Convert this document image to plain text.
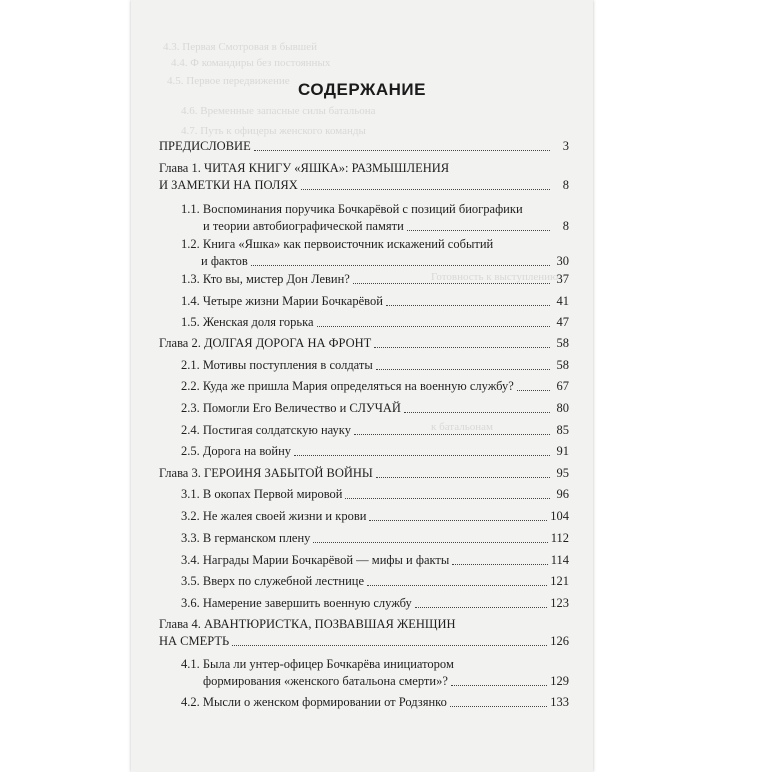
4.3. Первая Смотровая в бывшей
4.4. Ф командиры без постоянных
4.5. Первое передвижение
4.6. Временные запасные силы батальона
4.7. Путь к офицеры женского команды
Готовность к выступлению
к батальонам
СОДЕРЖАНИЕ
ПРЕДИСЛОВИЕ	3
Глава 1. ЧИТАЯ КНИГУ «ЯШКА»: РАЗМЫШЛЕНИЯ
И ЗАМЕТКИ НА ПОЛЯХ	8
1.1. Воспоминания поручика Бочкарёвой с позиций биографики
и теории автобиографической памяти	8
1.2. Книга «Яшка» как первоисточник искажений событий
и фактов	30
1.3. Кто вы, мистер Дон Левин?	37
1.4. Четыре жизни Марии Бочкарёвой	41
1.5. Женская доля горька	47
Глава 2. ДОЛГАЯ ДОРОГА НА ФРОНТ	58
2.1. Мотивы поступления в солдаты	58
2.2. Куда же пришла Мария определяться на военную службу?	67
2.3. Помогли Его Величество и СЛУЧАЙ	80
2.4. Постигая солдатскую науку	85
2.5. Дорога на войну	91
Глава 3. ГЕРОИНЯ ЗАБЫТОЙ ВОЙНЫ	95
3.1. В окопах Первой мировой	96
3.2. Не жалея своей жизни и крови	104
3.3. В германском плену	112
3.4. Награды Марии Бочкарёвой — мифы и факты	114
3.5. Вверх по служебной лестнице	121
3.6. Намерение завершить военную службу	123
Глава 4. АВАНТЮРИСТКА, ПОЗВАВШАЯ ЖЕНЩИН
НА СМЕРТЬ	126
4.1. Была ли унтер-офицер Бочкарёва инициатором
формирования «женского батальона смерти»?	129
4.2. Мысли о женском формировании от Родзянко	133
